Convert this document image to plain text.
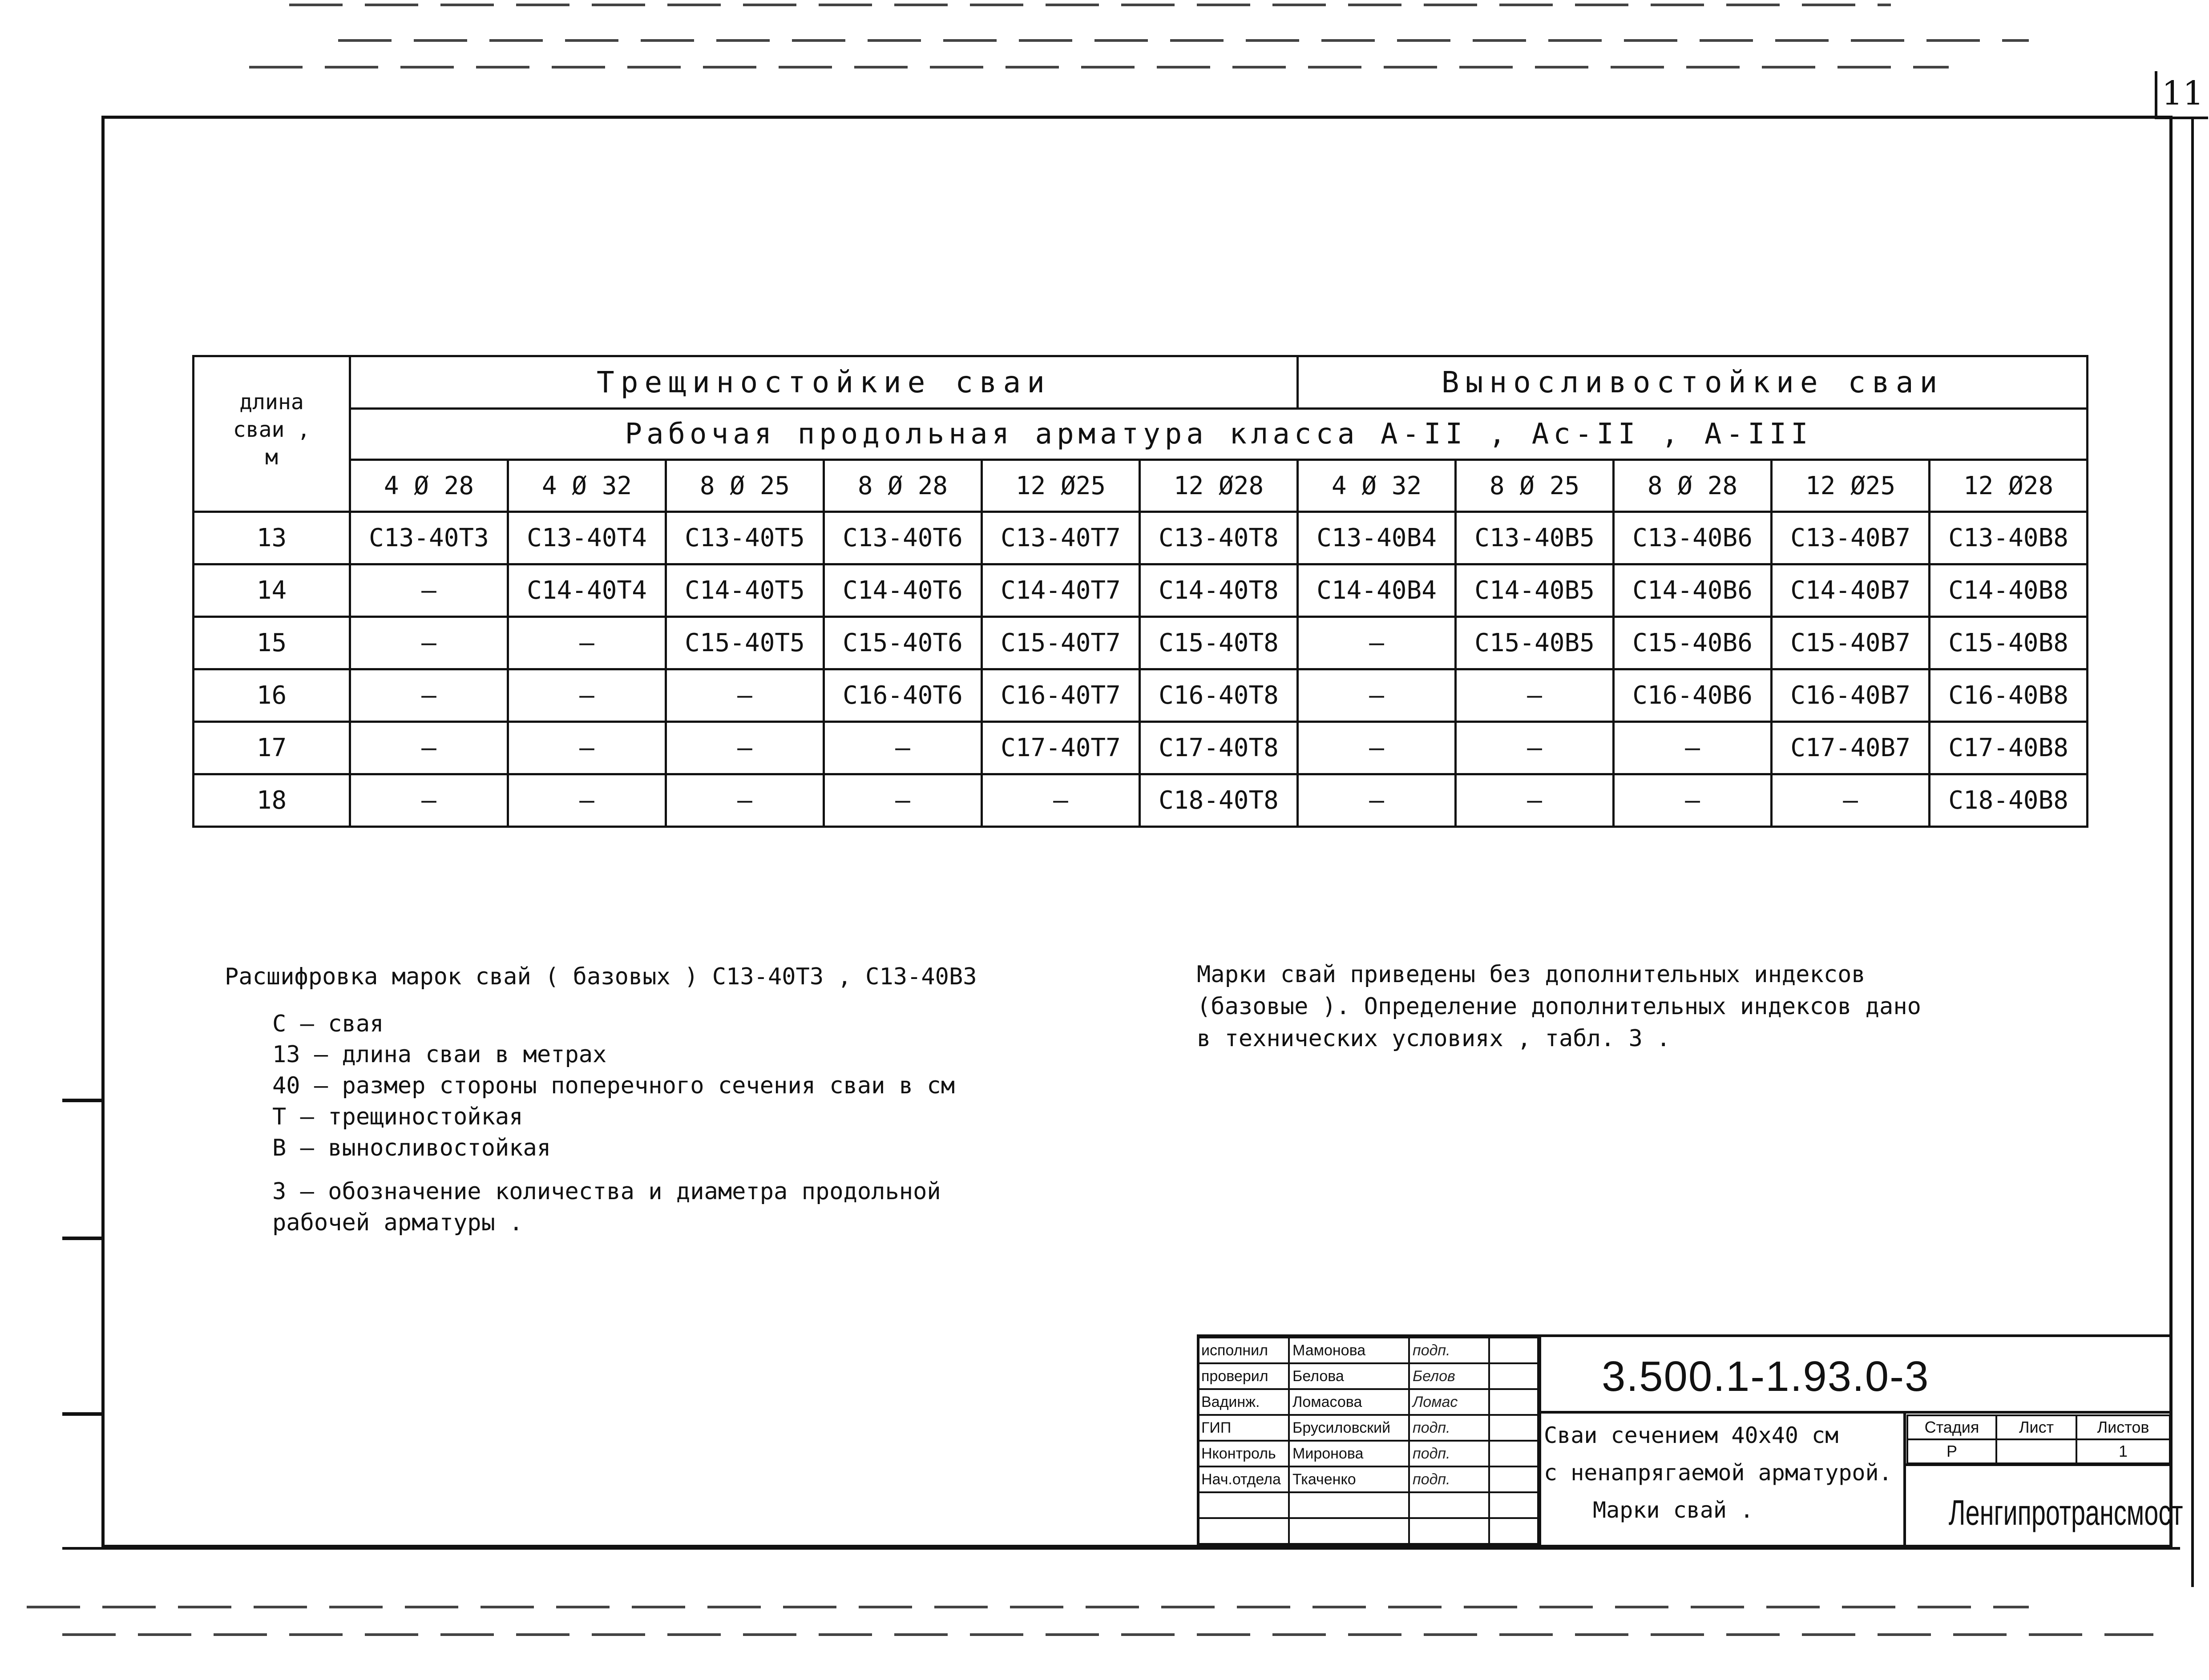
11
длина
сваи ,
м	Трещиностойкие сваи						Выносливостойкие сваи				
	Рабочая продольная арматура класса А-II , Ас-II , А-III										
	4 Ø 28	4 Ø 32	8 Ø 25	8 Ø 28	12 Ø25	12 Ø28	4 Ø 32	8 Ø 25	8 Ø 28	12 Ø25	12 Ø28
13	C13-40T3	C13-40T4	C13-40T5	C13-40T6	C13-40T7	C13-40T8	C13-40B4	C13-40B5	C13-40B6	C13-40B7	C13-40B8
14	–	C14-40T4	C14-40T5	C14-40T6	C14-40T7	C14-40T8	C14-40B4	C14-40B5	C14-40B6	C14-40B7	C14-40B8
15	–	–	C15-40T5	C15-40T6	C15-40T7	C15-40T8	–	C15-40B5	C15-40B6	C15-40B7	C15-40B8
16	–	–	–	C16-40T6	C16-40T7	C16-40T8	–	–	C16-40B6	C16-40B7	C16-40B8
17	–	–	–	–	C17-40T7	C17-40T8	–	–	–	C17-40B7	C17-40B8
18	–	–	–	–	–	C18-40T8	–	–	–	–	C18-40B8
Расшифровка марок свай ( базовых ) C13-40T3 , C13-40B3
С — свая
13 — длина сваи в метрах
40 — размер стороны поперечного сечения сваи в см
Т — трещиностойкая
В — выносливостойкая
3 — обозначение количества и диаметра продольной
рабочей арматуры .
Марки свай приведены без дополнительных индексов
(базовые ). Определение дополнительных индексов дано
в технических условиях , табл. 3 .
исполнил	Мамонова	подп.	
проверил	Белова	Белов	
Вадинж.	Ломасова	Ломас	
ГИП	Брусиловский	подп.	
Нконтроль	Миронова	подп.	
Нач.отдела	Ткаченко	подп.	

3.500.1-1.93.0-3
Сваи сечением 40х40 см
с ненапрягаемой арматурой.
Марки свай .
Стадия	Лист	Листов
Р		1
Ленгипротрансмост
